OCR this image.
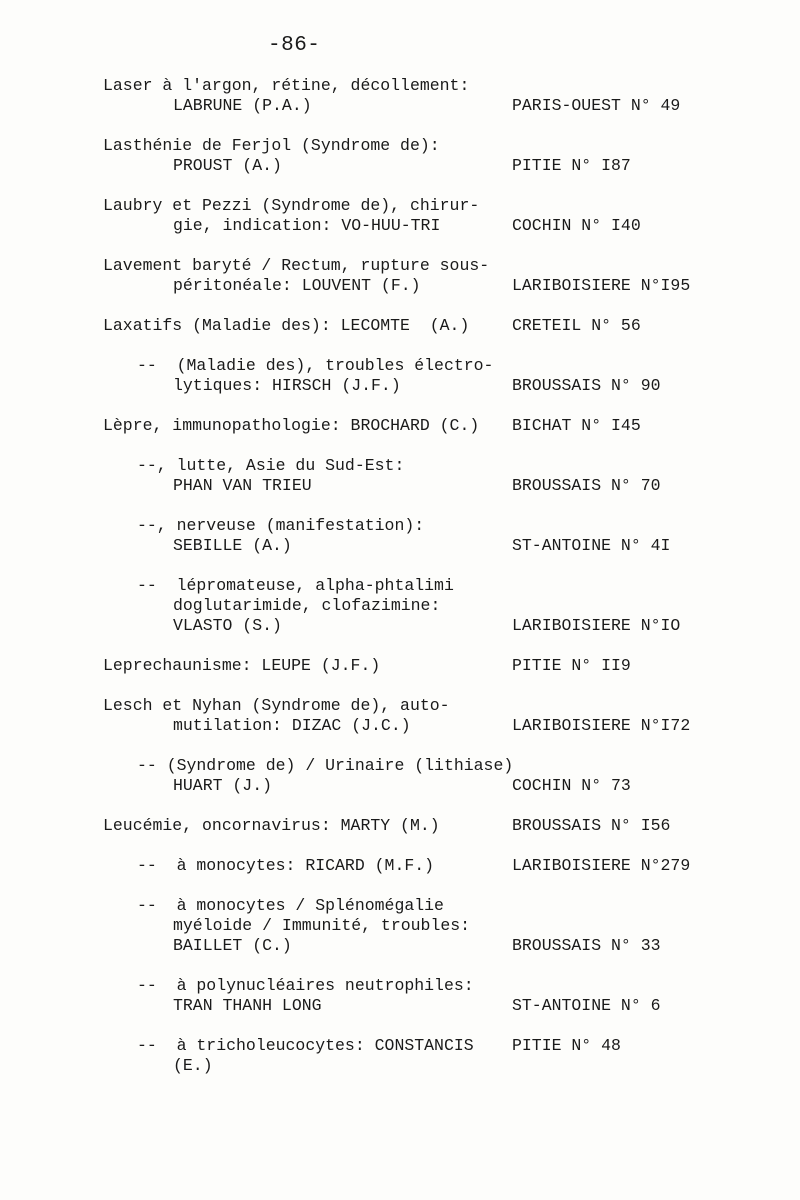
-86-
Laser à l'argon, rétine, décollement:
LABRUNE (P.A.)	PARIS-OUEST N° 49
Lasthénie de Ferjol (Syndrome de):
PROUST (A.)	PITIE N° I87
Laubry et Pezzi (Syndrome de), chirur-
gie, indication: VO-HUU-TRI	COCHIN N° I40
Lavement baryté / Rectum, rupture sous-
péritonéale: LOUVENT (F.)	LARIBOISIERE N°I95
Laxatifs (Maladie des): LECOMTE  (A.)	CRETEIL N° 56
--  (Maladie des), troubles électro-
lytiques: HIRSCH (J.F.)	BROUSSAIS N° 90
Lèpre, immunopathologie: BROCHARD (C.) BICHAT N° I45
--, lutte, Asie du Sud-Est:
PHAN VAN TRIEU	BROUSSAIS N° 70
--, nerveuse (manifestation):
SEBILLE (A.)	ST-ANTOINE N° 4I
--  lépromateuse, alpha-phtalimi
doglutarimide, clofazimine:
VLASTO (S.)	LARIBOISIERE N°IO
Leprechaunisme: LEUPE (J.F.)	PITIE N° II9
Lesch et Nyhan (Syndrome de), auto-
mutilation: DIZAC (J.C.)	LARIBOISIERE N°I72
-- (Syndrome de) / Urinaire (lithiase)
HUART (J.)	COCHIN N° 73
Leucémie, oncornavirus: MARTY (M.)	BROUSSAIS N° I56
--  à monocytes: RICARD (M.F.)	LARIBOISIERE N°279
--  à monocytes / Splénomégalie
myéloide / Immunité, troubles:
BAILLET (C.)	BROUSSAIS N° 33
--  à polynucléaires neutrophiles:
TRAN THANH LONG	ST-ANTOINE N° 6
--  à tricholeucocytes: CONSTANCIS PITIE N° 48
(E.)
